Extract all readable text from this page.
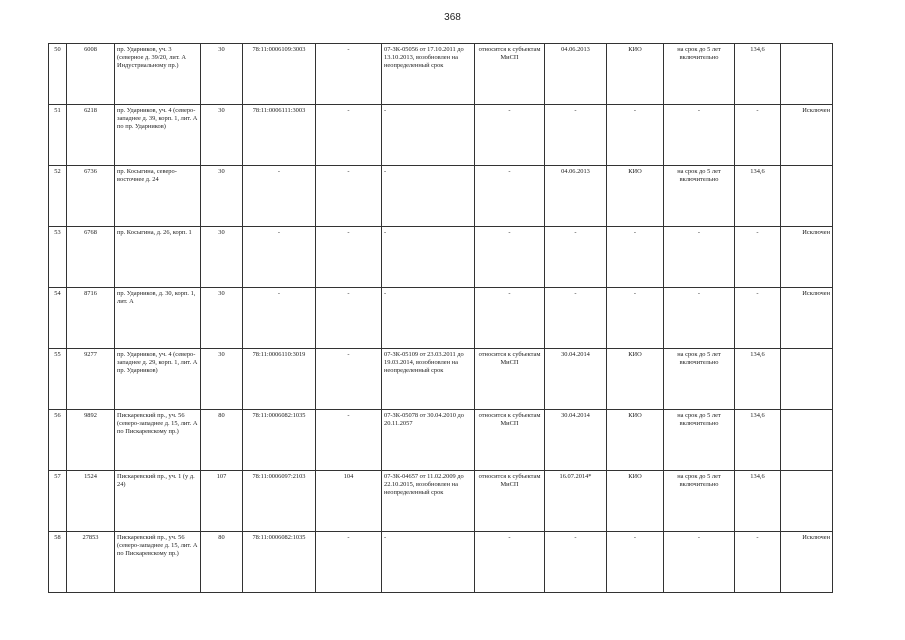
368
50	6008	пр. Ударников, уч. 3 (северное д. 39/20, лит. А Индустриальному пр.)	30	78:11:0006109:3003	-	07-ЗК-05056 от 17.10.2011 до 13.10.2013, возобновлен на неопределенный срок	относится к субъектам МиСП	04.06.2013	КИО	на срок до 5 лет включительно	134,6	
51	6218	пр. Ударников, уч. 4 (северо-западнее д. 39, корп. 1, лит. А по пр. Ударников)	30	78:11:0006111:3003	-	-	-	-	-	-	-	Исключен
52	6736	пр. Косыгина, северо-восточнее д. 24	30	-	-	-	-	04.06.2013	КИО	на срок до 5 лет включительно	134,6	
53	6768	пр. Косыгина, д. 26, корп. 1	30	-	-	-	-	-	-	-	-	Исключен
54	8716	пр. Ударников, д. 30, корп. 1, лит. А	30	-	-	-	-	-	-	-	-	Исключен
55	9277	пр. Ударников, уч. 4 (северо-западнее д. 29, корп. 1, лит. А пр. Ударников)	30	78:11:0006110:3019	-	07-ЗК-05109 от 23.03.2011 до 19.03.2014, возобновлен на неопределенный срок	относится к субъектам МиСП	30.04.2014	КИО	на срок до 5 лет включительно	134,6	
56	9892	Пискаревский пр., уч. 56 (северо-западнее д. 15, лит. А по Пискаревскому пр.)	80	78:11:0006082:1035	-	07-ЗК-05078 от 30.04.2010 до 20.11.2057	относится к субъектам МиСП	30.04.2014	КИО	на срок до 5 лет включительно	134,6	
57	1524	Пискаревский пр., уч. 1 (у д. 24)	107	78:11:0006097:2103	104	07-ЗК-04657 от 11.02.2009 до 22.10.2015, возобновлен на неопределенный срок	относится к субъектам МиСП	16.07.2014*	КИО	на срок до 5 лет включительно	134,6	
58	27853	Пискаревский пр., уч. 56 (северо-западнее д. 15, лит. А по Пискаревскому пр.)	80	78:11:0006082:1035	-	-	-	-	-	-	-	Исключен
